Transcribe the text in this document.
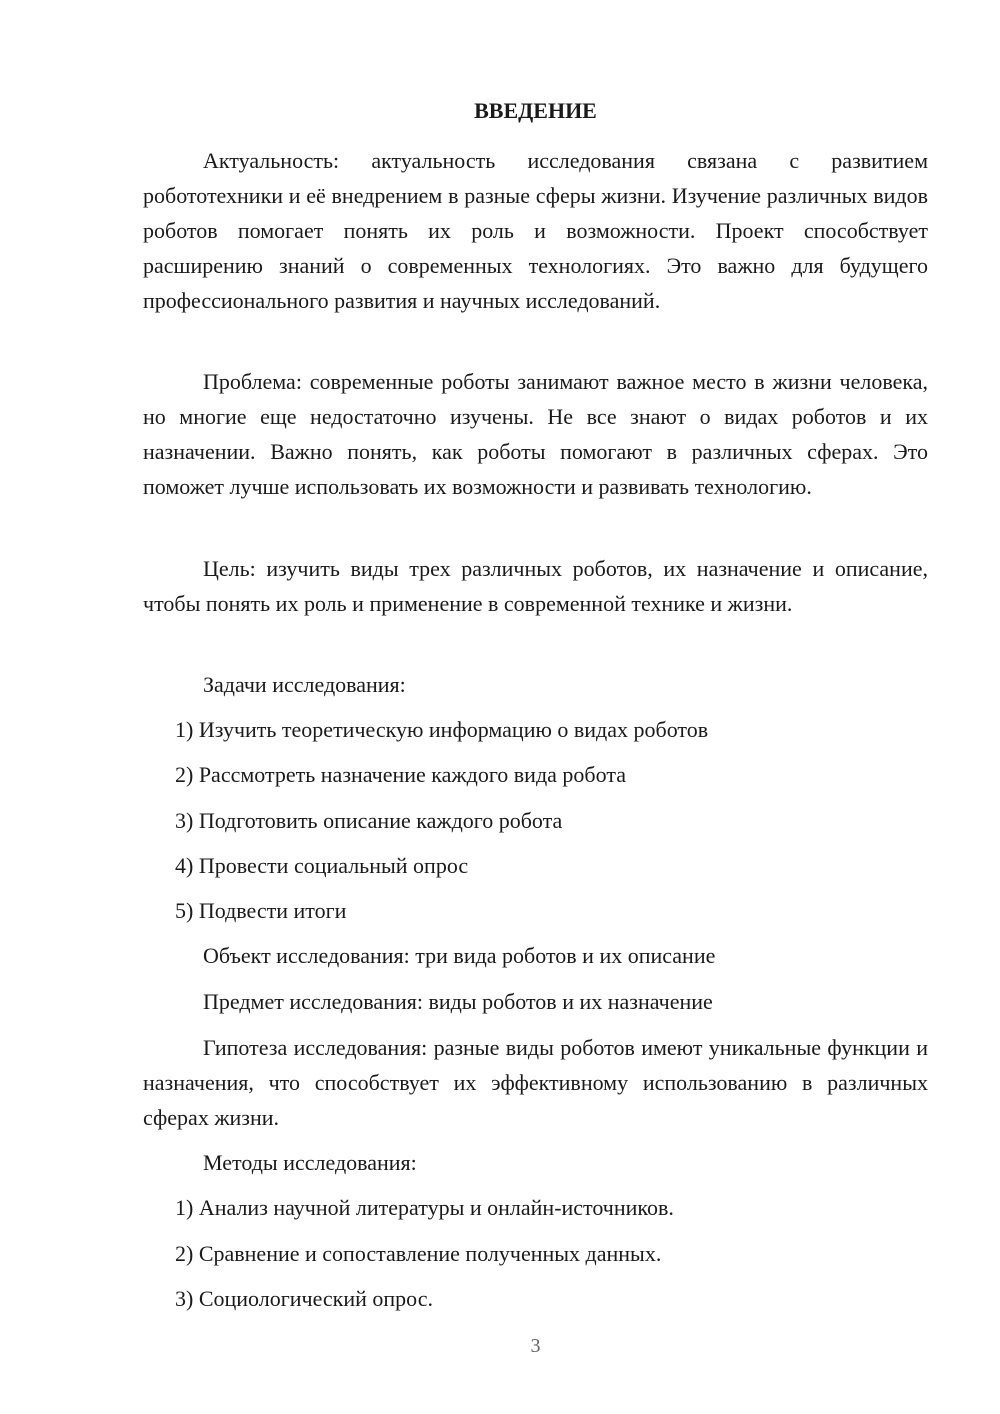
ВВЕДЕНИЕ

Актуальность: актуальность исследования связана с развитием робототехники и её внедрением в разные сферы жизни. Изучение различных видов роботов помогает понять их роль и возможности. Проект способствует расширению знаний о современных технологиях. Это важно для будущего профессионального развития и научных исследований.

Проблема: современные роботы занимают важное место в жизни человека, но многие еще недостаточно изучены. Не все знают о видах роботов и их назначении. Важно понять, как роботы помогают в различных сферах. Это поможет лучше использовать их возможности и развивать технологию.

Цель: изучить виды трех различных роботов, их назначение и описание, чтобы понять их роль и применение в современной технике и жизни.

Задачи исследования:

1) Изучить теоретическую информацию о видах роботов

2) Рассмотреть назначение каждого вида робота

3) Подготовить описание каждого робота

4) Провести социальный опрос

5) Подвести итоги

Объект исследования: три вида роботов и их описание

Предмет исследования: виды роботов и их назначение

Гипотеза исследования: разные виды роботов имеют уникальные функции и назначения, что способствует их эффективному использованию в различных сферах жизни.

Методы исследования:

1) Анализ научной литературы и онлайн-источников.

2) Сравнение и сопоставление полученных данных.

3) Социологический опрос.

3
